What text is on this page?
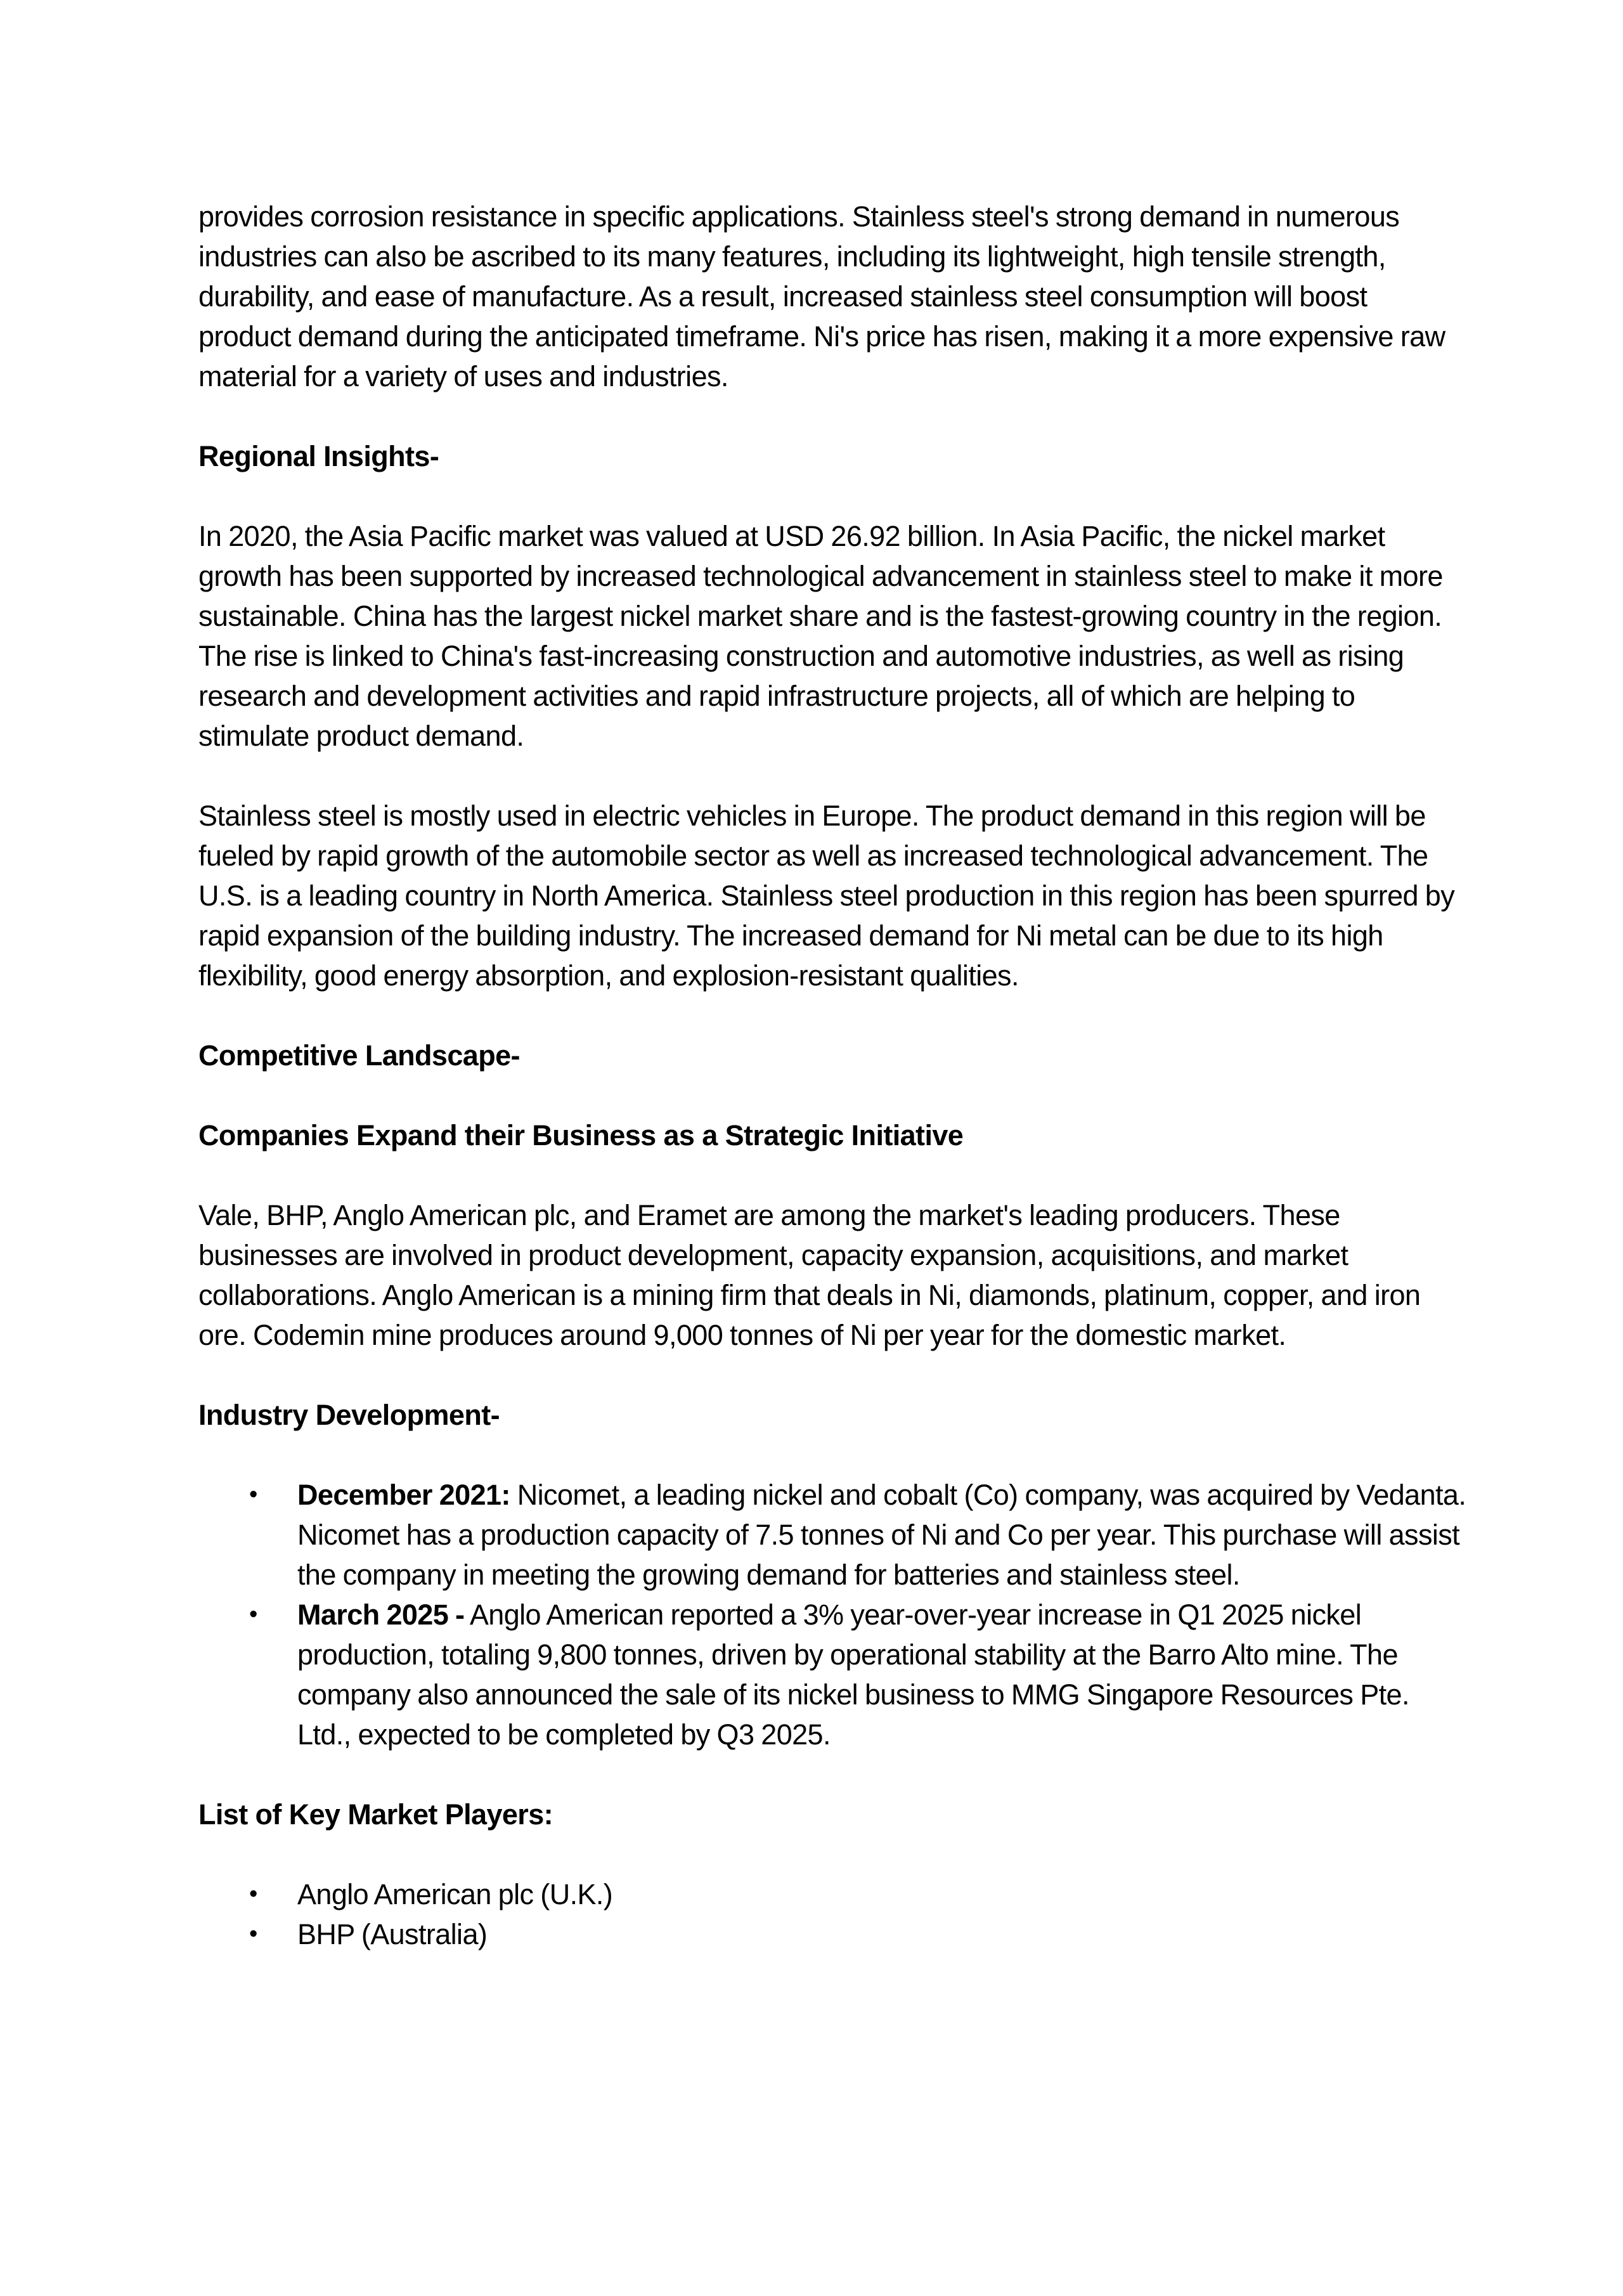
provides corrosion resistance in specific applications. Stainless steel's strong demand in numerous industries can also be ascribed to its many features, including its lightweight, high tensile strength, durability, and ease of manufacture. As a result, increased stainless steel consumption will boost product demand during the anticipated timeframe. Ni's price has risen, making it a more expensive raw material for a variety of uses and industries.

Regional Insights-

In 2020, the Asia Pacific market was valued at USD 26.92 billion. In Asia Pacific, the nickel market growth has been supported by increased technological advancement in stainless steel to make it more sustainable. China has the largest nickel market share and is the fastest-growing country in the region. The rise is linked to China's fast-increasing construction and automotive industries, as well as rising research and development activities and rapid infrastructure projects, all of which are helping to stimulate product demand.

Stainless steel is mostly used in electric vehicles in Europe. The product demand in this region will be fueled by rapid growth of the automobile sector as well as increased technological advancement. The U.S. is a leading country in North America. Stainless steel production in this region has been spurred by rapid expansion of the building industry. The increased demand for Ni metal can be due to its high flexibility, good energy absorption, and explosion-resistant qualities.

Competitive Landscape-
Companies Expand their Business as a Strategic Initiative

Vale, BHP, Anglo American plc, and Eramet are among the market's leading producers. These businesses are involved in product development, capacity expansion, acquisitions, and market collaborations. Anglo American is a mining firm that deals in Ni, diamonds, platinum, copper, and iron ore. Codemin mine produces around 9,000 tonnes of Ni per year for the domestic market.

Industry Development-
• December 2021: Nicomet, a leading nickel and cobalt (Co) company, was acquired by Vedanta. Nicomet has a production capacity of 7.5 tonnes of Ni and Co per year. This purchase will assist the company in meeting the growing demand for batteries and stainless steel.
• March 2025 - Anglo American reported a 3% year-over-year increase in Q1 2025 nickel production, totaling 9,800 tonnes, driven by operational stability at the Barro Alto mine. The company also announced the sale of its nickel business to MMG Singapore Resources Pte. Ltd., expected to be completed by Q3 2025.
List of Key Market Players:
• Anglo American plc (U.K.)
• BHP (Australia)
